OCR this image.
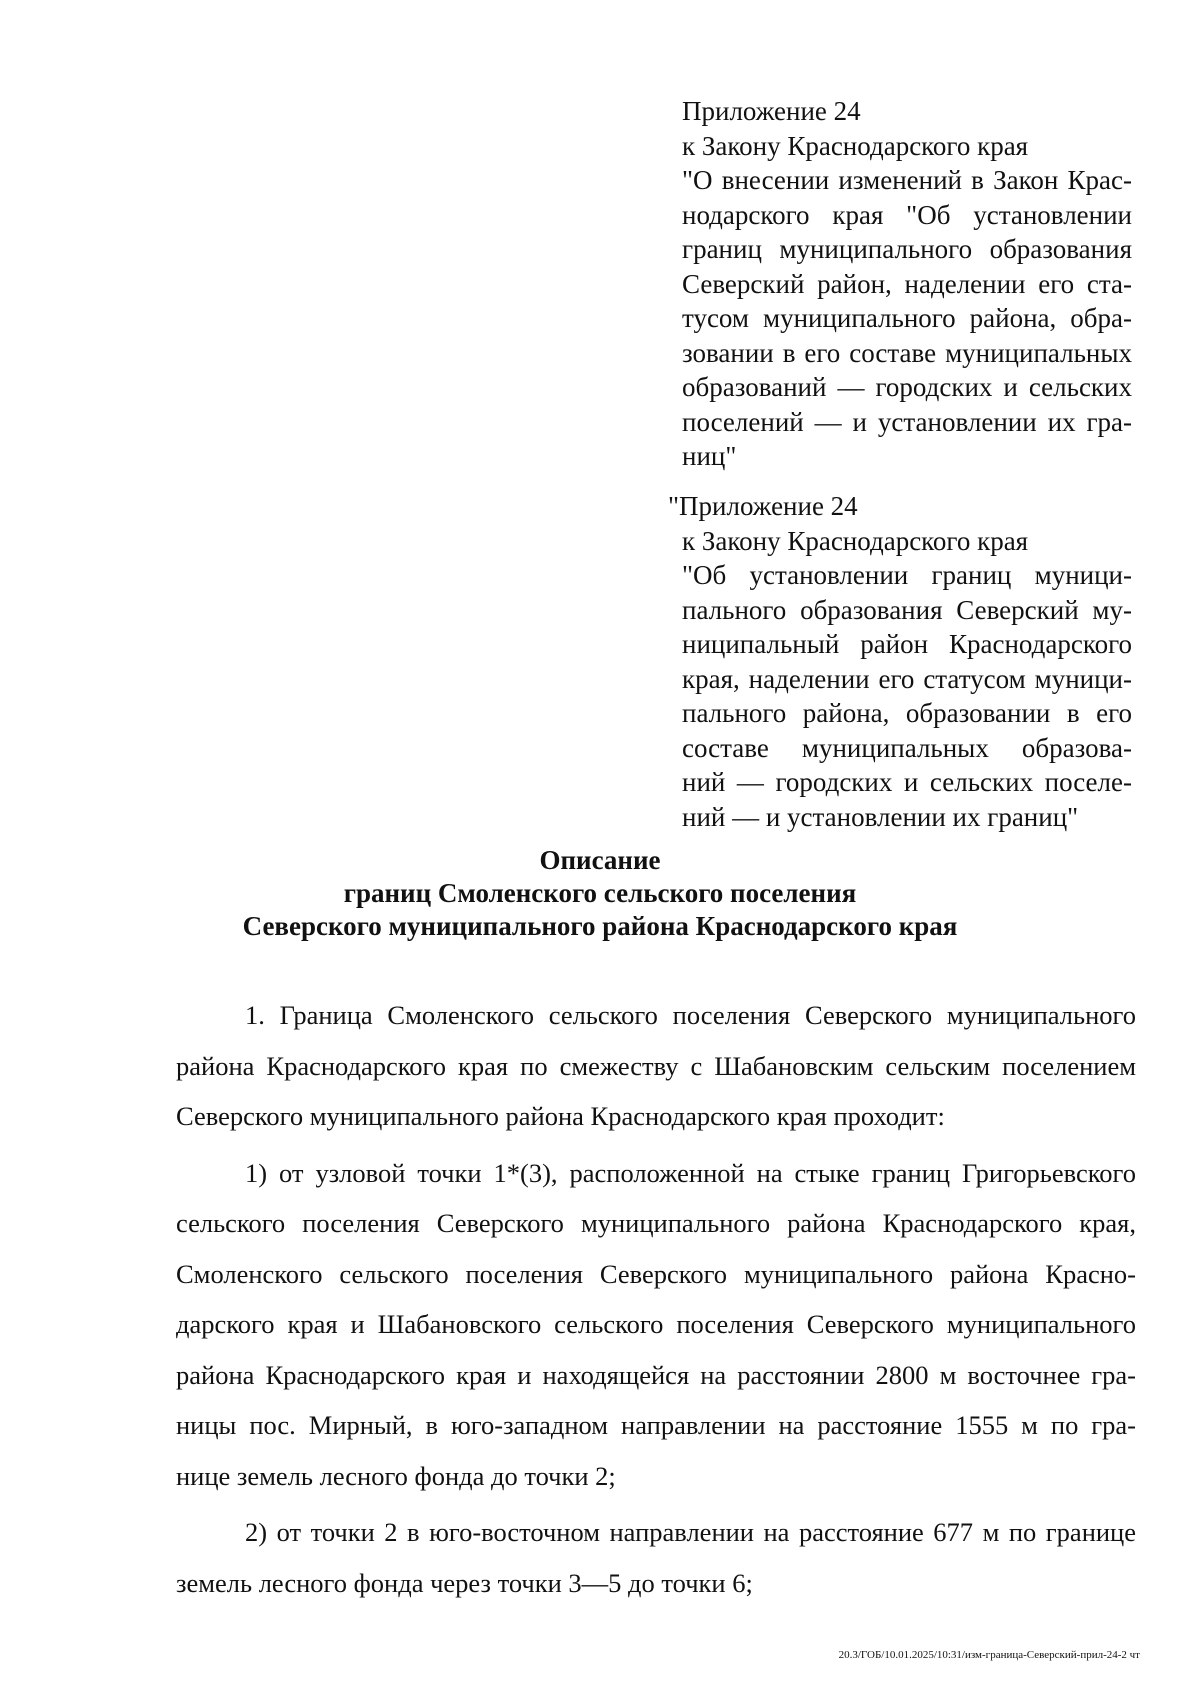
Приложение 24
к Закону Краснодарского края
"О внесении изменений в Закон Крас-
нодарского края "Об установлении
границ муниципального образования
Северский район, наделении его ста-
тусом муниципального района, обра-
зовании в его составе муниципальных
образований — городских и сельских
поселений — и установлении их гра-
ниц"
"Приложение 24
к Закону Краснодарского края
"Об установлении границ муници-
пального образования Северский му-
ниципальный район Краснодарского
края, наделении его статусом муници-
пального района, образовании в его
составе муниципальных образова-
ний — городских и сельских поселе-
ний — и установлении их границ"
Описание
границ Смоленского сельского поселения
Северского муниципального района Краснодарского края
1. Граница Смоленского сельского поселения Северского муниципального
района Краснодарского края по смежеству с Шабановским сельским поселением
Северского муниципального района Краснодарского края проходит:
1) от узловой точки 1*(3), расположенной на стыке границ Григорьевского
сельского поселения Северского муниципального района Краснодарского края,
Смоленского сельского поселения Северского муниципального района Красно-
дарского края и Шабановского сельского поселения Северского муниципального
района Краснодарского края и находящейся на расстоянии 2800 м восточнее гра-
ницы пос. Мирный, в юго-западном направлении на расстояние 1555 м по гра-
нице земель лесного фонда до точки 2;
2) от точки 2 в юго-восточном направлении на расстояние 677 м по границе
земель лесного фонда через точки 3—5 до точки 6;
20.3/ГОБ/10.01.2025/10:31/изм-граница-Северский-прил-24-2 чт
